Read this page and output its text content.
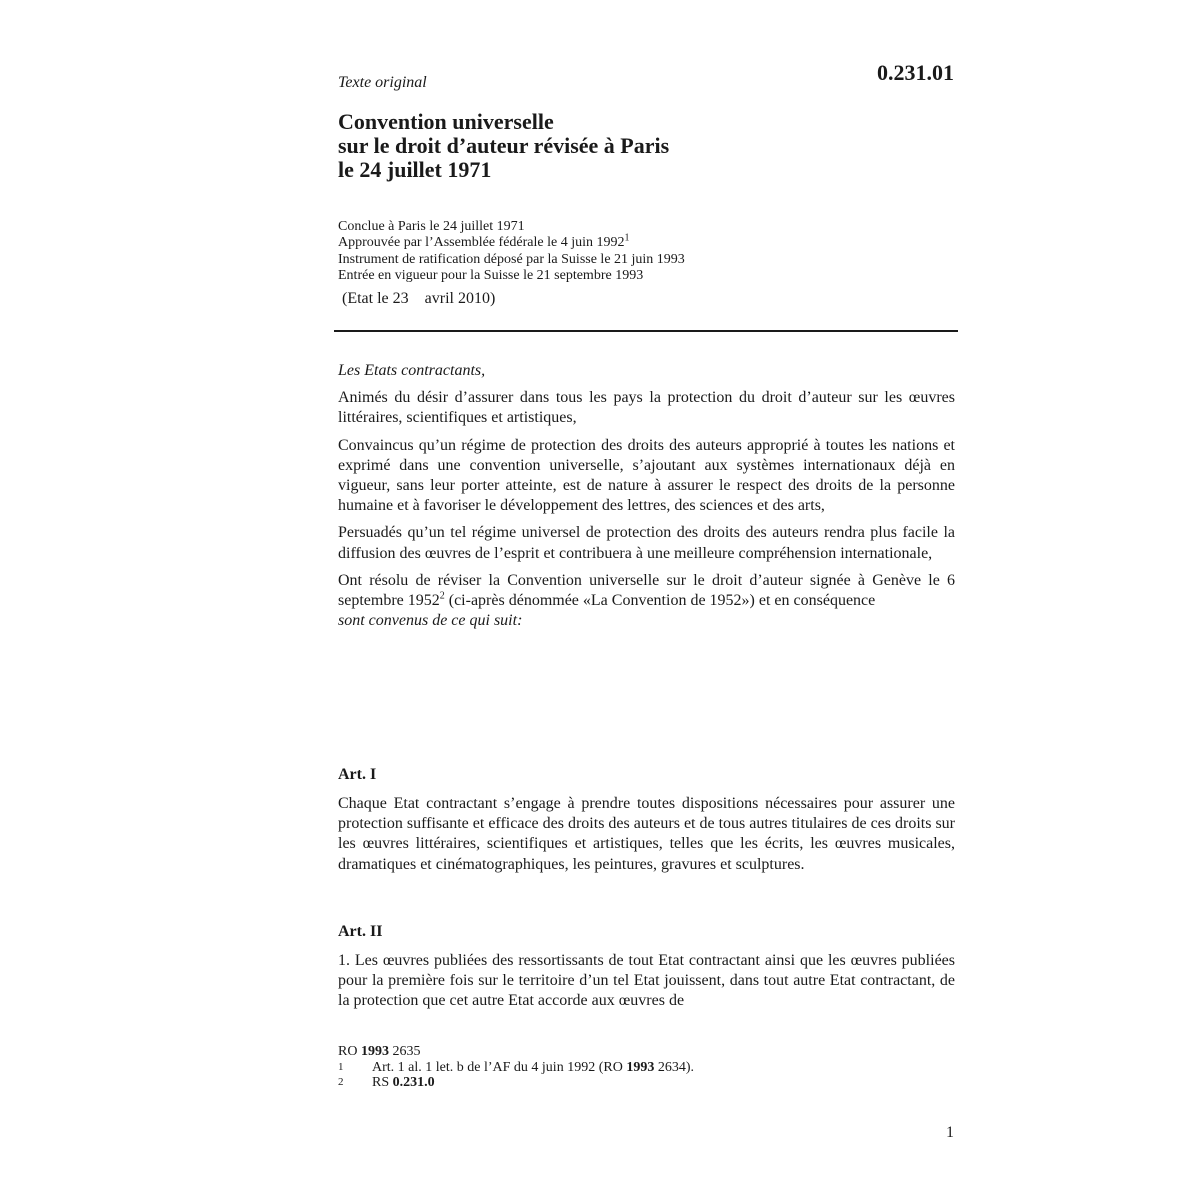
Texte original	0.231.01
Convention universelle
sur le droit d’auteur révisée à Paris
le 24 juillet 1971
Conclue à Paris le 24 juillet 1971
Approuvée par l’Assemblée fédérale le 4 juin 1992$^1$
Instrument de ratification déposé par la Suisse le 21 juin 1993
Entrée en vigueur pour la Suisse le 21 septembre 1993
(Etat le 23    avril 2010)

Les Etats contractants,

Animés du désir d’assurer dans tous les pays la protection du droit d’auteur sur les œuvres littéraires, scientifiques et artistiques,

Convaincus qu’un régime de protection des droits des auteurs approprié à toutes les nations et exprimé dans une convention universelle, s’ajoutant aux systèmes internationaux déjà en vigueur, sans leur porter atteinte, est de nature à assurer le respect des droits de la personne humaine et à favoriser le développement des lettres, des sciences et des arts,

Persuadés qu’un tel régime universel de protection des droits des auteurs rendra plus facile la diffusion des œuvres de l’esprit et contribuera à une meilleure compréhension internationale,

Ont résolu de réviser la Convention universelle sur le droit d’auteur signée à Genève le 6 septembre 1952$^2$ (ci-après dénommée «La Convention de 1952») et en conséquence

sont convenus de ce qui suit:

Art. I

Chaque Etat contractant s’engage à prendre toutes dispositions nécessaires pour assurer une protection suffisante et efficace des droits des auteurs et de tous autres titulaires de ces droits sur les œuvres littéraires, scientifiques et artistiques, telles que les écrits, les œuvres musicales, dramatiques et cinématographiques, les peintures, gravures et sculptures.

Art. II

1. Les œuvres publiées des ressortissants de tout Etat contractant ainsi que les œuvres publiées pour la première fois sur le territoire d’un tel Etat jouissent, dans tout autre Etat contractant, de la protection que cet autre Etat accorde aux œuvres de

RO 1993 2635
1	Art. 1 al. 1 let. b de l’AF du 4 juin 1992 (RO 1993 2634).
2	RS 0.231.0
1
